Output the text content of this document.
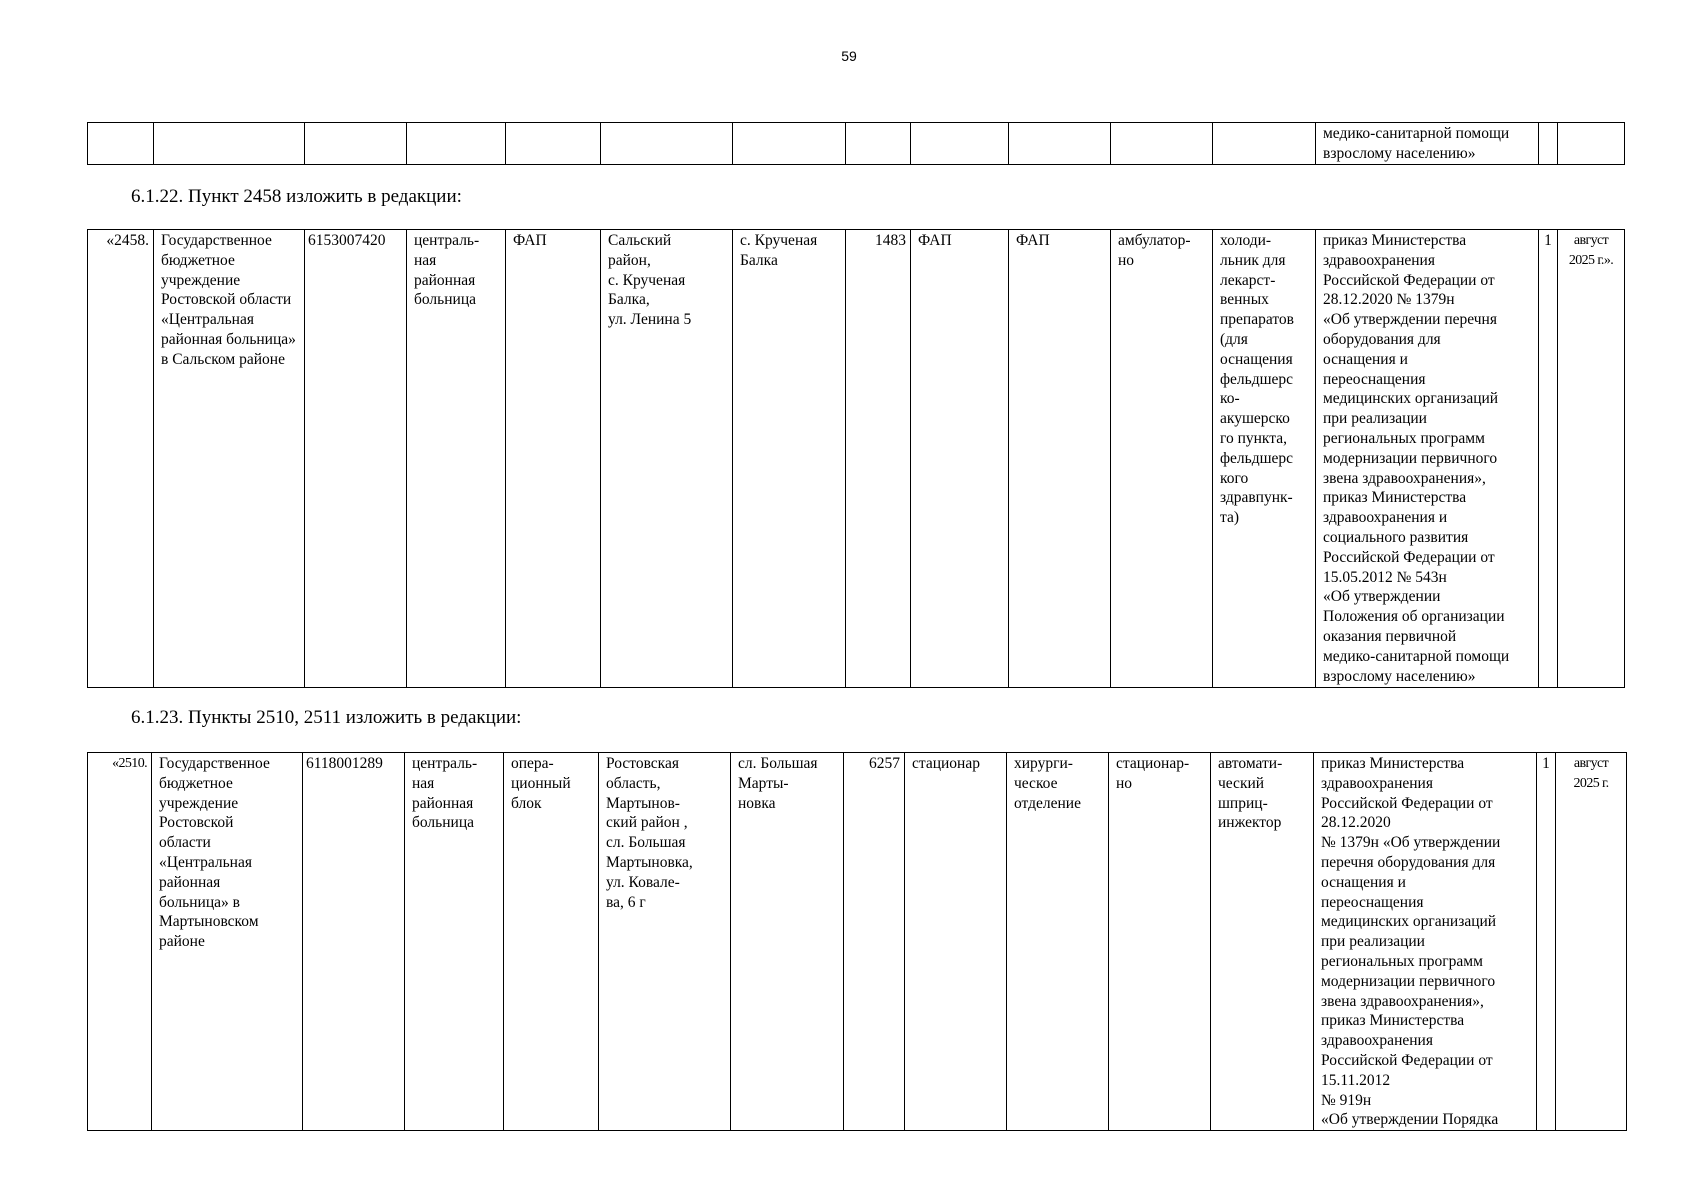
59
												медико-санитарной помощи взрослому населению»		
6.1.22. Пункт 2458 изложить в редакции:
«2458.	Государственное бюджетное учреждение Ростовской области «Центральная районная больница» в Сальском районе	6153007420	централь-
ная
районная
больница	ФАП	Сальский
район,
с. Крученая
Балка,
ул. Ленина 5	с. Крученая
Балка	1483	ФАП	ФАП	амбулатор-
но	холоди-
льник для
лекарст-
венных
препаратов
(для
оснащения
фельдшерс
ко-
акушерско
го пункта,
фельдшерс
кого
здравпунк-
та)	приказ Министерства
здравоохранения
Российской Федерации от
28.12.2020 № 1379н
«Об утверждении перечня
оборудования для
оснащения и
переоснащения
медицинских организаций
при реализации
региональных программ
модернизации первичного
звена здравоохранения»,
приказ Министерства
здравоохранения и
социального развития
Российской Федерации от
15.05.2012 № 543н
«Об утверждении
Положения об организации
оказания первичной
медико-санитарной помощи
взрослому населению»	1	август
2025 г.».
6.1.23. Пункты 2510, 2511 изложить в редакции:
«2510.	Государственное
бюджетное
учреждение
Ростовской
области
«Центральная
районная
больница» в
Мартыновском
районе	6118001289	централь-
ная
районная
больница	опера-
ционный
блок	Ростовская
область,
Мартынов-
ский район ,
сл. Большая
Мартыновка,
ул. Ковале-
ва, 6 г	сл. Большая
Марты-
новка	6257	стационар	хирурги-
ческое
отделение	стационар-
но	автомати-
ческий
шприц-
инжектор	приказ Министерства
здравоохранения
Российской Федерации от
28.12.2020
№ 1379н «Об утверждении
перечня оборудования для
оснащения и
переоснащения
медицинских организаций
при реализации
региональных программ
модернизации первичного
звена здравоохранения»,
приказ Министерства
здравоохранения
Российской Федерации от
15.11.2012
№ 919н
«Об утверждении Порядка	1	август
2025 г.
